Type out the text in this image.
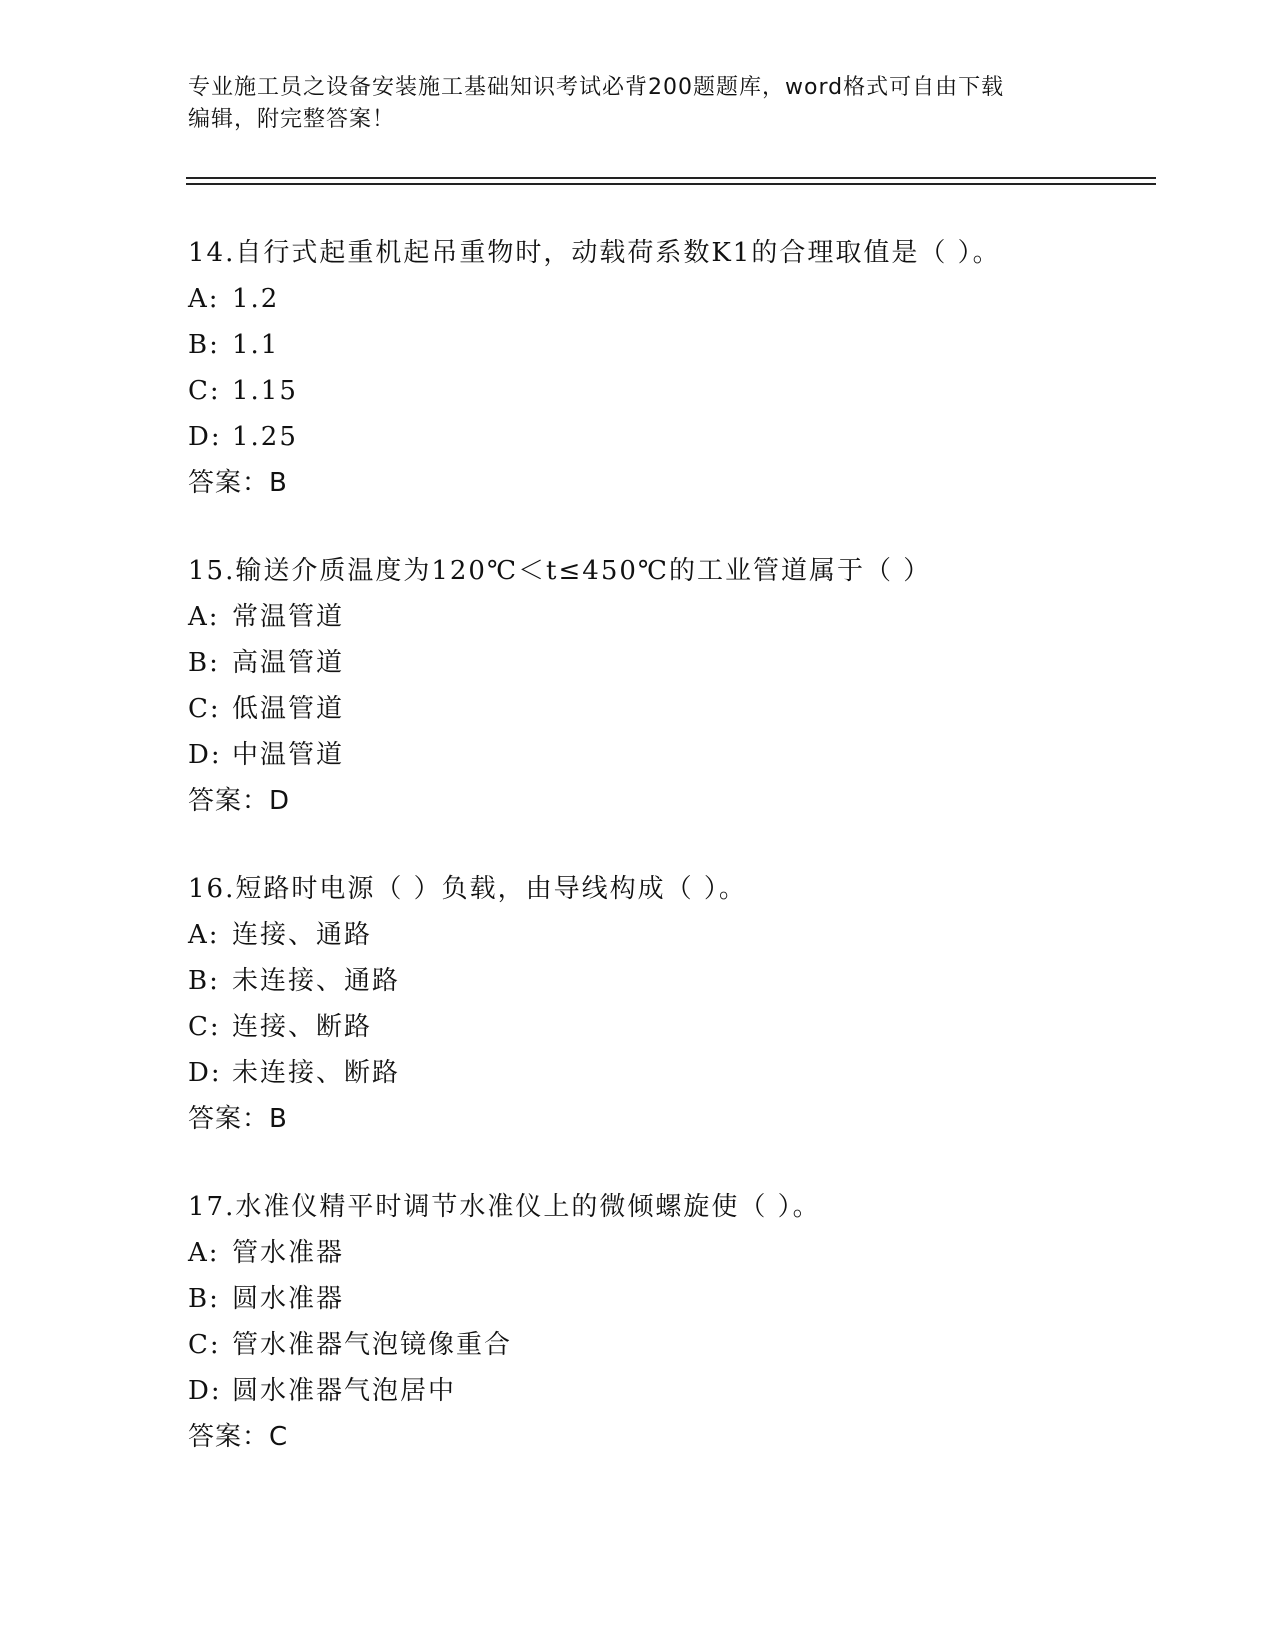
专业施工员之设备安装施工基础知识考试必背200题题库，word格式可自由下载
编辑，附完整答案！
14.自行式起重机起吊重物时，动载荷系数K1的合理取值是（ ）。
A: 1.2
B: 1.1
C: 1.15
D: 1.25
答案：B
15.输送介质温度为120℃＜t≤450℃的工业管道属于（ ）
A: 常温管道
B: 高温管道
C: 低温管道
D: 中温管道
答案：D
16.短路时电源（ ）负载，由导线构成（ ）。
A: 连接、通路
B: 未连接、通路
C: 连接、断路
D: 未连接、断路
答案：B
17.水准仪精平时调节水准仪上的微倾螺旋使（ ）。
A: 管水准器
B: 圆水准器
C: 管水准器气泡镜像重合
D: 圆水准器气泡居中
答案：C
